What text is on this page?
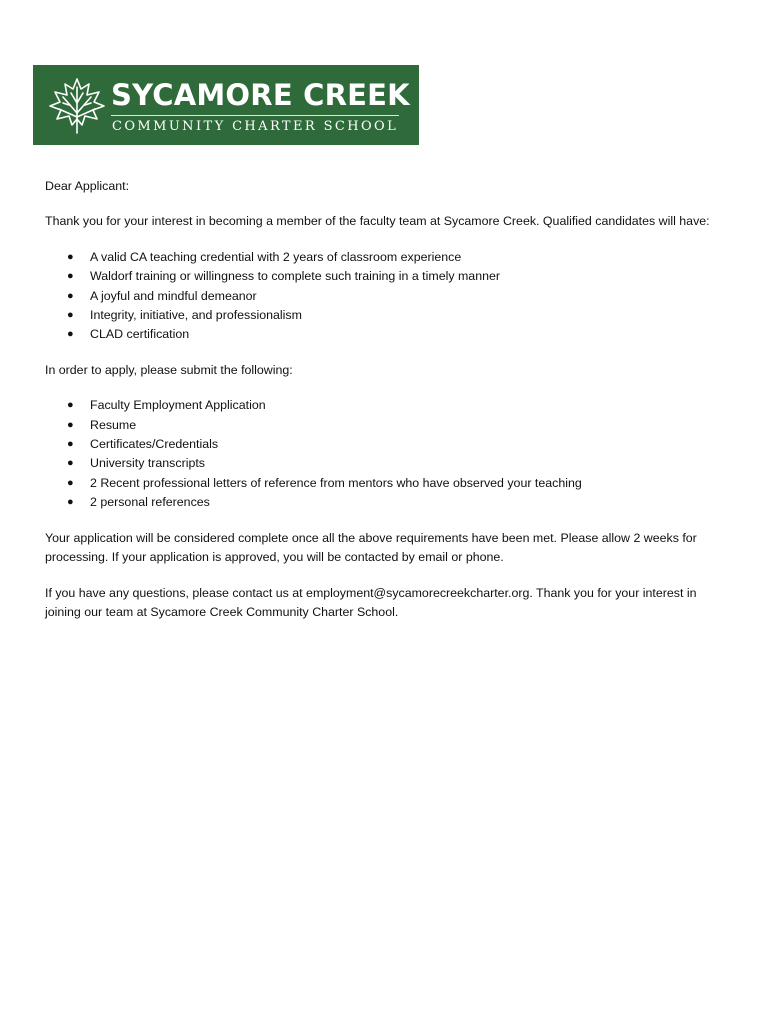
SYCAMORE CREEK
COMMUNITY CHARTER SCHOOL

Dear Applicant:

Thank you for your interest in becoming a member of the faculty team at Sycamore Creek. Qualified candidates will have:

● A valid CA teaching credential with 2 years of classroom experience
● Waldorf training or willingness to complete such training in a timely manner
● A joyful and mindful demeanor
● Integrity, initiative, and professionalism
● CLAD certification

In order to apply, please submit the following:

● Faculty Employment Application
● Resume
● Certificates/Credentials
● University transcripts
● 2 Recent professional letters of reference from mentors who have observed your teaching
● 2 personal references

Your application will be considered complete once all the above requirements have been met. Please allow 2 weeks for processing. If your application is approved, you will be contacted by email or phone.

If you have any questions, please contact us at employment@sycamorecreekcharter.org. Thank you for your interest in joining our team at Sycamore Creek Community Charter School.
